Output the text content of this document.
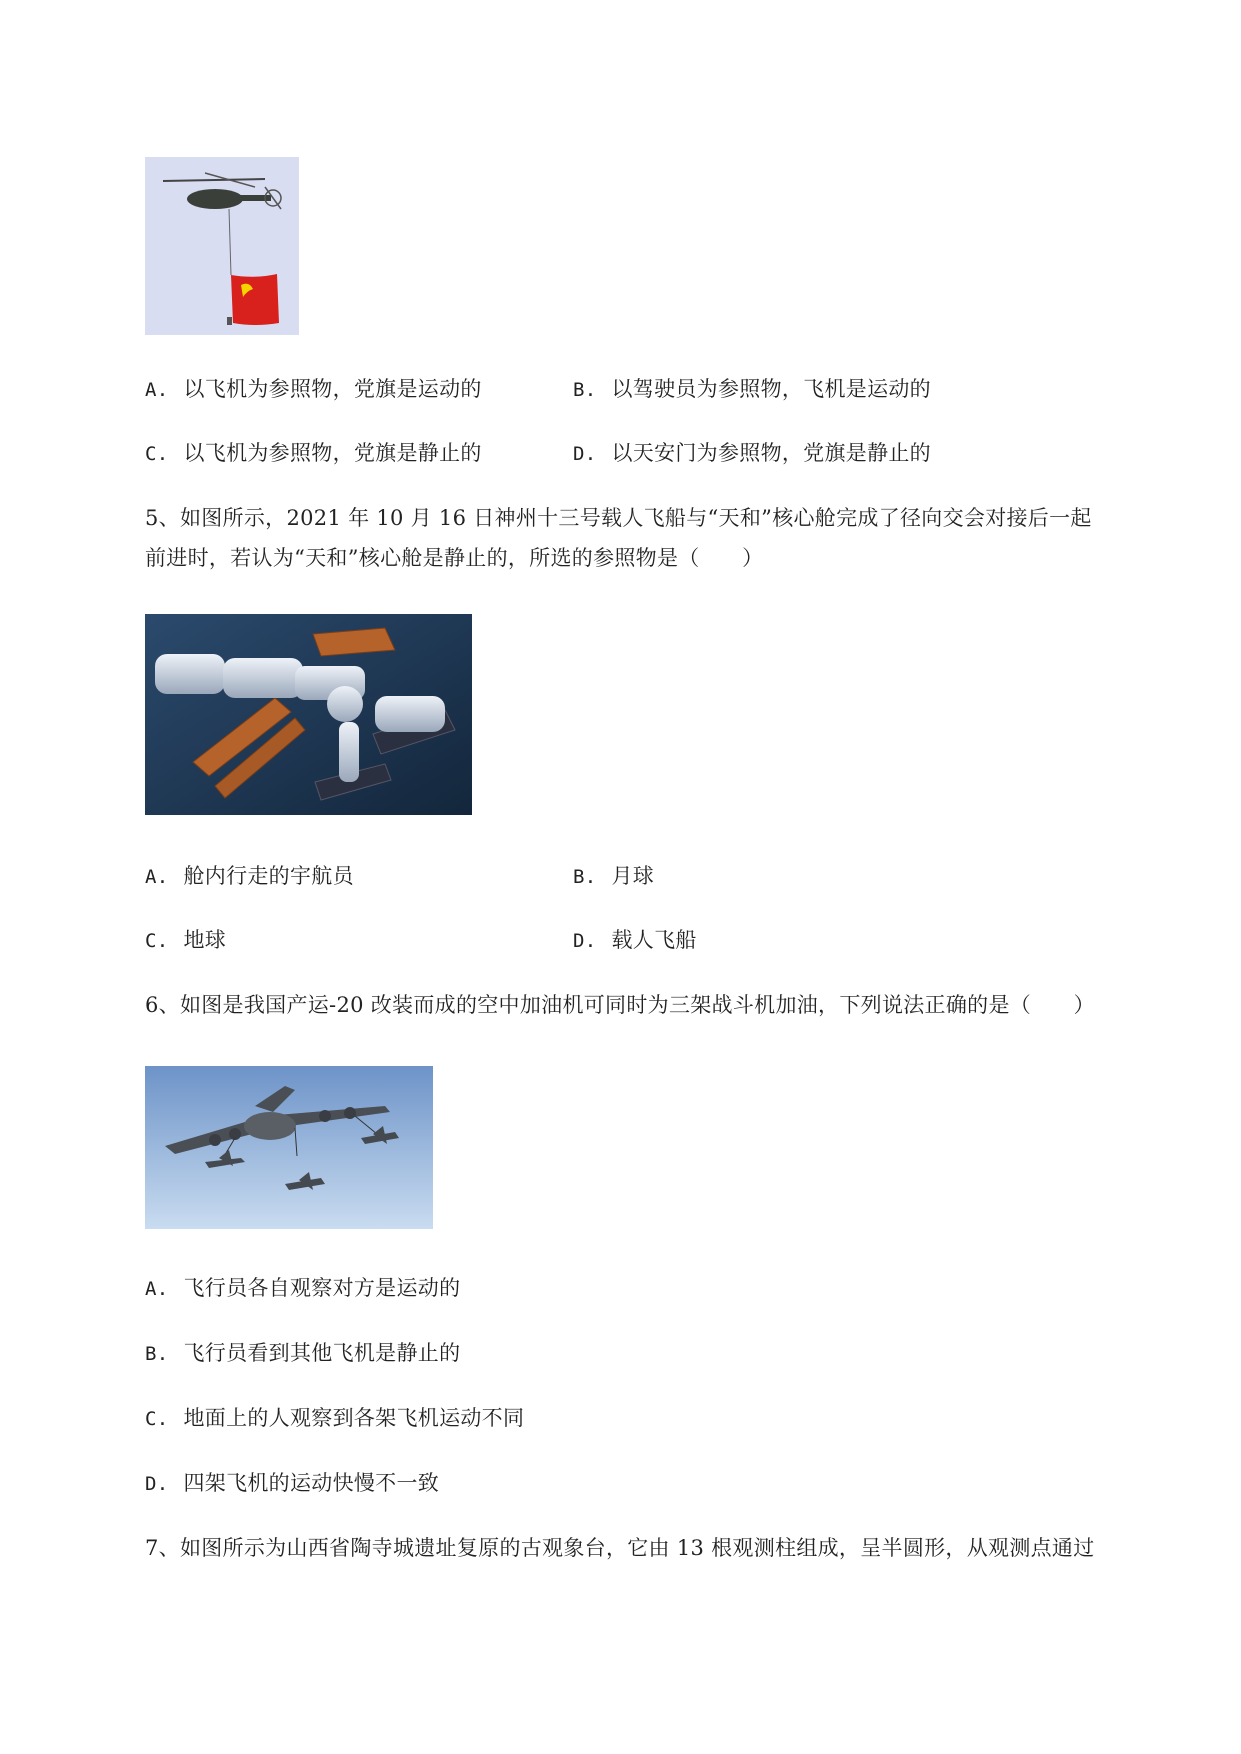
A. 以飞机为参照物，党旗是运动的	B. 以驾驶员为参照物，飞机是运动的
C. 以飞机为参照物，党旗是静止的	D. 以天安门为参照物，党旗是静止的
5、如图所示，2021 年 10 月 16 日神州十三号载人飞船与“天和”核心舱完成了径向交会对接后一起
前进时，若认为“天和”核心舱是静止的，所选的参照物是（　　）
A. 舱内行走的宇航员	B. 月球
C. 地球	D. 载人飞船
6、如图是我国产运-20 改装而成的空中加油机可同时为三架战斗机加油，下列说法正确的是（　　）
A. 飞行员各自观察对方是运动的
B. 飞行员看到其他飞机是静止的
C. 地面上的人观察到各架飞机运动不同
D. 四架飞机的运动快慢不一致
7、如图所示为山西省陶寺城遗址复原的古观象台，它由 13 根观测柱组成，呈半圆形，从观测点通过
